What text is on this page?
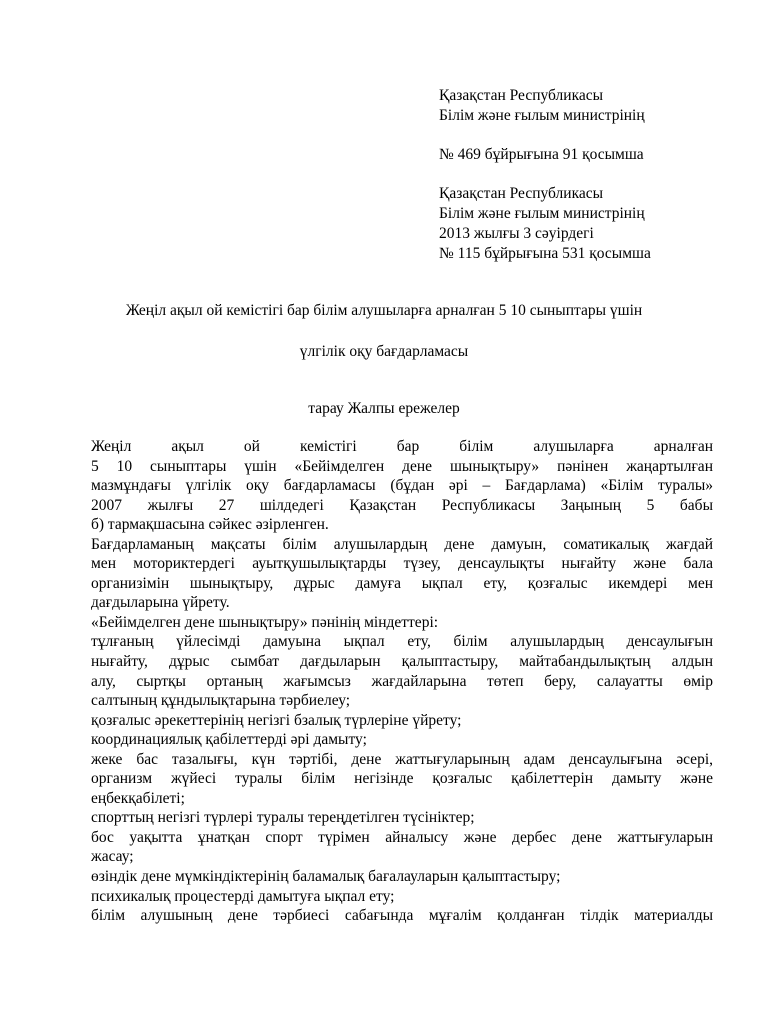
Қазақстан Республикасы
Білім және ғылым министрінің
№ 469 бұйрығына 91 қосымша
Қазақстан Республикасы
Білім және ғылым министрінің
2013 жылғы 3 сәуірдегі
№ 115 бұйрығына 531 қосымша
Жеңіл ақыл ой кемістігі бар білім алушыларға арналған 5 10 сыныптары үшін
үлгілік оқу бағдарламасы
тарау Жалпы ережелер

Жеңіл ақыл ой кемістігі бар білім алушыларға арналған

5 10 сыныптары үшін «Бейімделген дене шынықтыру» пәнінен жаңартылған

мазмұндағы үлгілік оқу бағдарламасы (бұдан әрі – Бағдарлама) «Білім туралы»

2007 жылғы 27 шілдедегі Қазақстан Республикасы Заңының 5 бабы

б) тармақшасына сәйкес әзірленген.

Бағдарламаның мақсаты білім алушылардың дене дамуын, соматикалық жағдай

мен моториктердегі ауытқушылықтарды түзеу, денсаулықты нығайту және бала

организімін шынықтыру, дұрыс дамуға ықпал ету, қозғалыс икемдері мен

дағдыларына үйрету.

«Бейімделген дене шынықтыру» пәнінің міндеттері:

тұлғаның үйлесімді дамуына ықпал ету, білім алушылардың денсаулығын

нығайту, дұрыс сымбат дағдыларын қалыптастыру, майтабандылықтың алдын

алу, сыртқы ортаның жағымсыз жағдайларына төтеп беру, салауатты өмір

салтының құндылықтарына тәрбиелеу;

қозғалыс әрекеттерінің негізгі бзалық түрлеріне үйрету;

координациялық қабілеттерді әрі дамыту;

жеке бас тазалығы, күн тәртібі, дене жаттығуларының адам денсаулығына әсері,

организм жүйесі туралы білім негізінде қозғалыс қабілеттерін дамыту және

еңбекқабілеті;

спорттың негізгі түрлері туралы тереңдетілген түсініктер;

бос уақытта ұнатқан спорт түрімен айналысу және дербес дене жаттығуларын

жасау;

өзіндік дене мүмкіндіктерінің баламалық бағалауларын қалыптастыру;

психикалық процестерді дамытуға ықпал ету;

білім алушының дене тәрбиесі сабағында мұғалім қолданған тілдік материалды
